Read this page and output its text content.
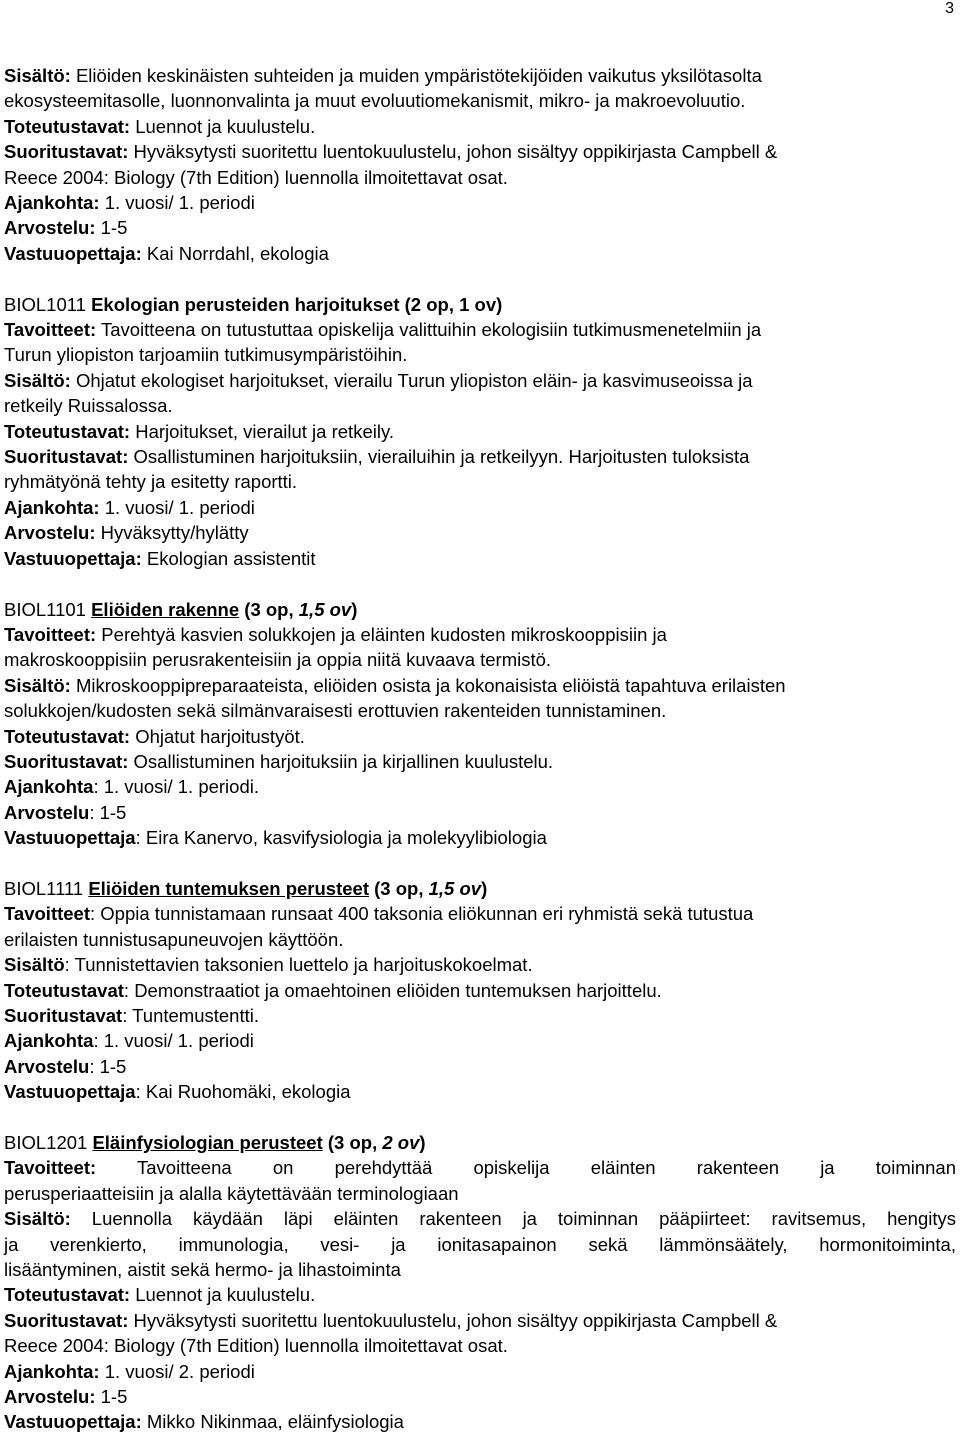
3
Sisältö: Eliöiden keskinäisten suhteiden ja muiden ympäristötekijöiden vaikutus yksilötasolta
ekosysteemitasolle, luonnonvalinta ja muut evoluutiomekanismit, mikro- ja makroevoluutio.
Toteutustavat: Luennot ja kuulustelu.
Suoritustavat: Hyväksytysti suoritettu luentokuulustelu, johon sisältyy oppikirjasta Campbell &
Reece 2004: Biology (7th Edition) luennolla ilmoitettavat osat.
Ajankohta: 1. vuosi/ 1. periodi
Arvostelu: 1-5
Vastuuopettaja: Kai Norrdahl, ekologia
BIOL1011 Ekologian perusteiden harjoitukset (2 op, 1 ov)
Tavoitteet: Tavoitteena on tutustuttaa opiskelija valittuihin ekologisiin tutkimusmenetelmiin ja
Turun yliopiston tarjoamiin tutkimusympäristöihin.
Sisältö: Ohjatut ekologiset harjoitukset, vierailu Turun yliopiston eläin- ja kasvimuseoissa ja
retkeily Ruissalossa.
Toteutustavat: Harjoitukset, vierailut ja retkeily.
Suoritustavat: Osallistuminen harjoituksiin, vierailuihin ja retkeilyyn. Harjoitusten tuloksista
ryhmätyönä tehty ja esitetty raportti.
Ajankohta: 1. vuosi/ 1. periodi
Arvostelu: Hyväksytty/hylätty
Vastuuopettaja: Ekologian assistentit
BIOL1101 Eliöiden rakenne (3 op, 1,5 ov)
Tavoitteet: Perehtyä kasvien solukkojen ja eläinten kudosten mikroskooppisiin ja
makroskooppisiin perusrakenteisiin ja oppia niitä kuvaava termistö.
Sisältö: Mikroskooppipreparaateista, eliöiden osista ja kokonaisista eliöistä tapahtuva erilaisten
solukkojen/kudosten sekä silmänvaraisesti erottuvien rakenteiden tunnistaminen.
Toteutustavat: Ohjatut harjoitustyöt.
Suoritustavat: Osallistuminen harjoituksiin ja kirjallinen kuulustelu.
Ajankohta: 1. vuosi/ 1. periodi.
Arvostelu: 1-5
Vastuuopettaja: Eira Kanervo, kasvifysiologia ja molekyylibiologia
BIOL1111 Eliöiden tuntemuksen perusteet (3 op, 1,5 ov)
Tavoitteet: Oppia tunnistamaan runsaat 400 taksonia eliökunnan eri ryhmistä sekä tutustua
erilaisten tunnistusapuneuvojen käyttöön.
Sisältö: Tunnistettavien taksonien luettelo ja harjoituskokoelmat.
Toteutustavat: Demonstraatiot ja omaehtoinen eliöiden tuntemuksen harjoittelu.
Suoritustavat: Tuntemustentti.
Ajankohta: 1. vuosi/ 1. periodi
Arvostelu: 1-5
Vastuuopettaja: Kai Ruohomäki, ekologia
BIOL1201 Eläinfysiologian perusteet (3 op, 2 ov)
Tavoitteet: Tavoitteena on perehdyttää opiskelija eläinten rakenteen ja toiminnan
perusperiaatteisiin ja alalla käytettävään terminologiaan
Sisältö: Luennolla käydään läpi eläinten rakenteen ja toiminnan pääpiirteet: ravitsemus, hengitys
ja verenkierto, immunologia, vesi- ja ionitasapainon sekä lämmönsäätely, hormonitoiminta,
lisääntyminen, aistit sekä hermo- ja lihastoiminta
Toteutustavat: Luennot ja kuulustelu.
Suoritustavat: Hyväksytysti suoritettu luentokuulustelu, johon sisältyy oppikirjasta Campbell &
Reece 2004: Biology (7th Edition) luennolla ilmoitettavat osat.
Ajankohta: 1. vuosi/ 2. periodi
Arvostelu: 1-5
Vastuuopettaja: Mikko Nikinmaa, eläinfysiologia
